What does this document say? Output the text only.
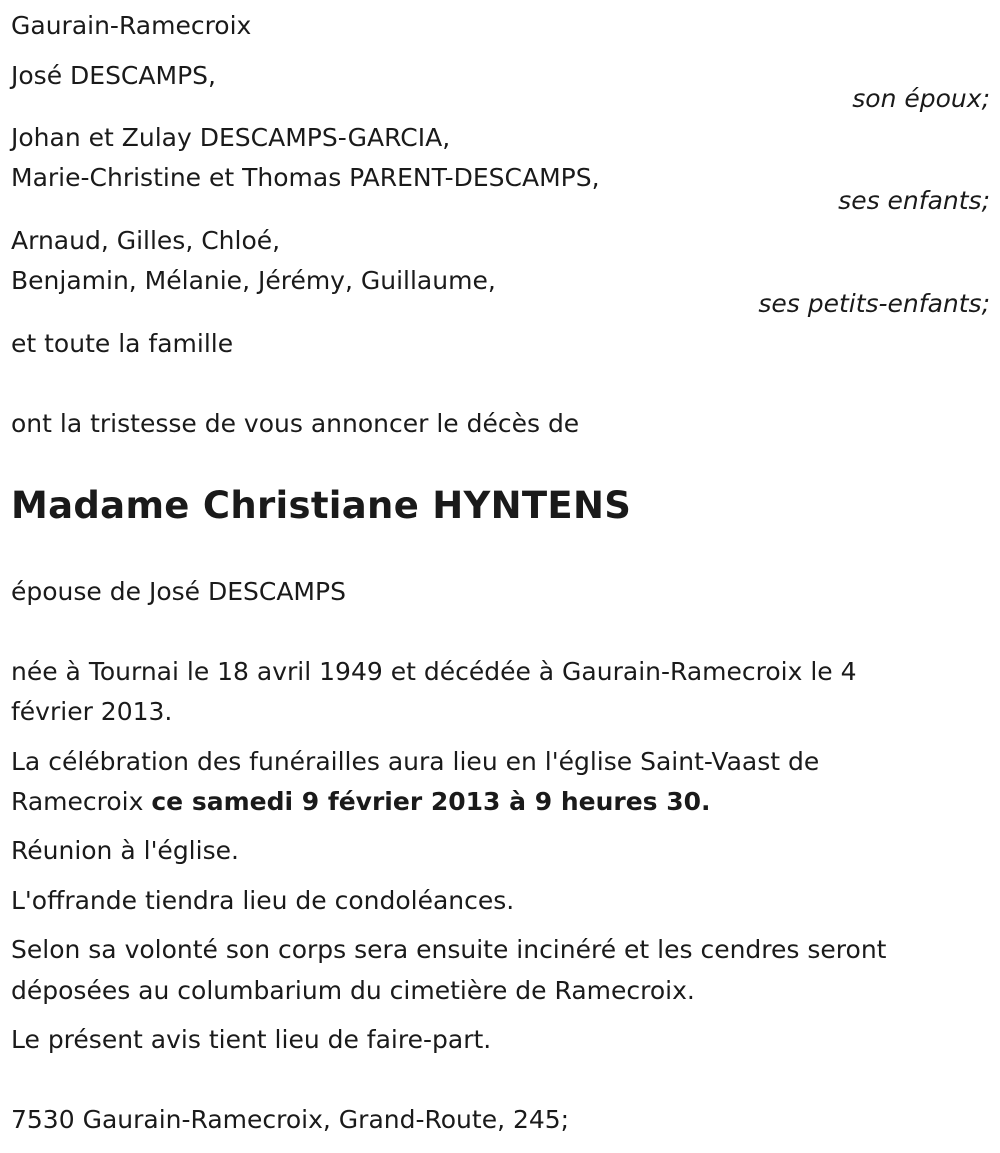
Gaurain-Ramecroix
José DESCAMPS,
son époux;
Johan et Zulay DESCAMPS-GARCIA,
Marie-Christine et Thomas PARENT-DESCAMPS,
ses enfants;
Arnaud, Gilles, Chloé,
Benjamin, Mélanie, Jérémy, Guillaume,
ses petits-enfants;
et toute la famille
ont la tristesse de vous annoncer le décès de
Madame Christiane HYNTENS
épouse de José DESCAMPS
née à Tournai le 18 avril 1949 et décédée à Gaurain-Ramecroix le 4
février 2013.
La célébration des funérailles aura lieu en l'église Saint-Vaast de
Ramecroix ce samedi 9 février 2013 à 9 heures 30.
Réunion à l'église.
L'offrande tiendra lieu de condoléances.
Selon sa volonté son corps sera ensuite incinéré et les cendres seront
déposées au columbarium du cimetière de Ramecroix.
Le présent avis tient lieu de faire-part.
7530 Gaurain-Ramecroix, Grand-Route, 245;
